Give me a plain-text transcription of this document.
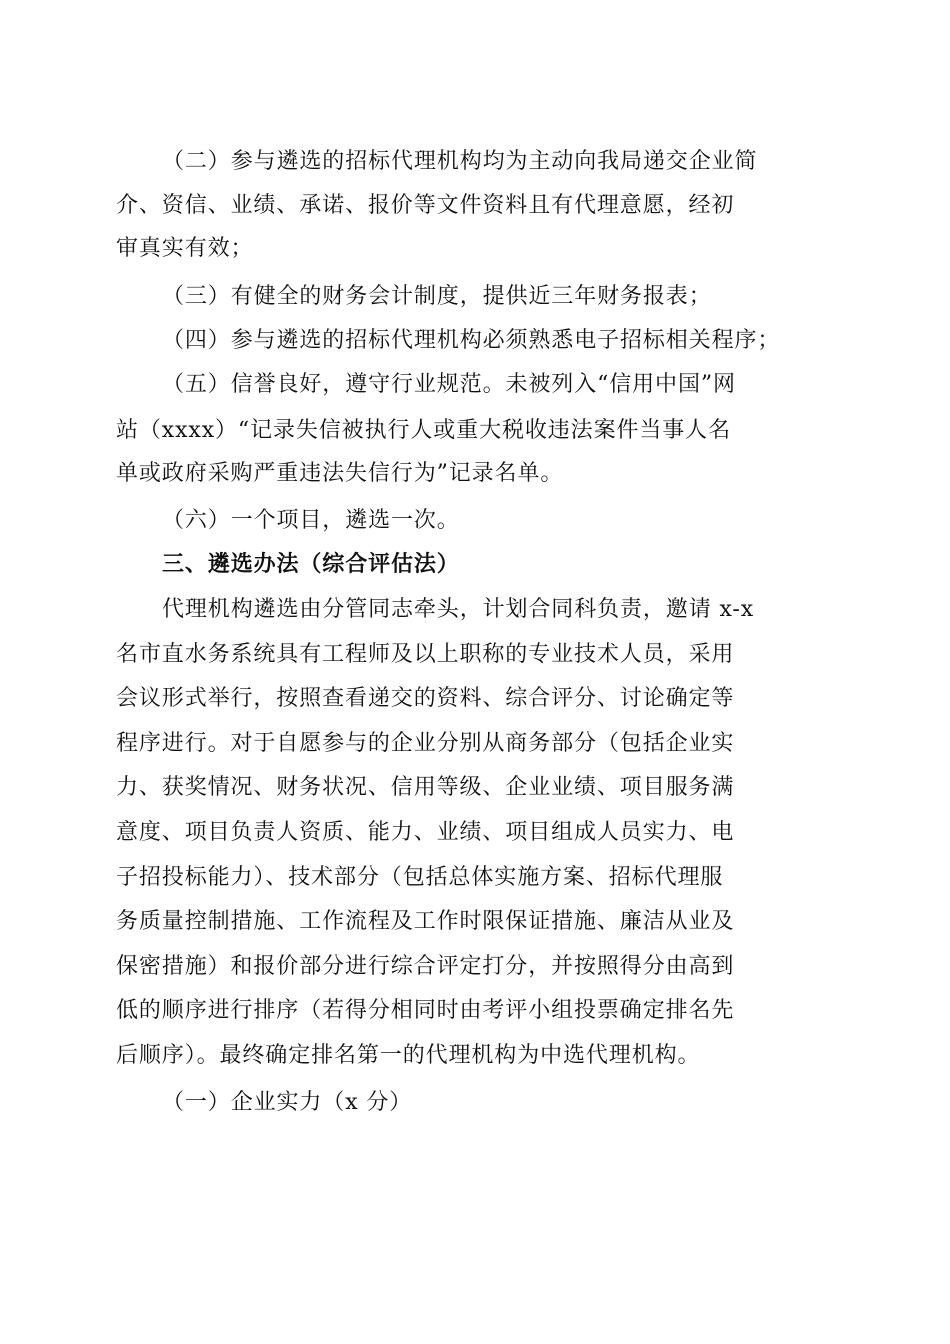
（二）参与遴选的招标代理机构均为主动向我局递交企业简
介、资信、业绩、承诺、报价等文件资料且有代理意愿，经初
审真实有效；
（三）有健全的财务会计制度，提供近三年财务报表；
（四）参与遴选的招标代理机构必须熟悉电子招标相关程序；
（五）信誉良好，遵守行业规范。未被列入“信用中国”网
站（xxxx）“记录失信被执行人或重大税收违法案件当事人名
单或政府采购严重违法失信行为”记录名单。
（六）一个项目，遴选一次。
三、遴选办法（综合评估法）
代理机构遴选由分管同志牵头，计划合同科负责，邀请 x-x
名市直水务系统具有工程师及以上职称的专业技术人员，采用
会议形式举行，按照查看递交的资料、综合评分、讨论确定等
程序进行。对于自愿参与的企业分别从商务部分（包括企业实
力、获奖情况、财务状况、信用等级、企业业绩、项目服务满
意度、项目负责人资质、能力、业绩、项目组成人员实力、电
子招投标能力）、技术部分（包括总体实施方案、招标代理服
务质量控制措施、工作流程及工作时限保证措施、廉洁从业及
保密措施）和报价部分进行综合评定打分，并按照得分由高到
低的顺序进行排序（若得分相同时由考评小组投票确定排名先
后顺序）。最终确定排名第一的代理机构为中选代理机构。
（一）企业实力（x 分）
